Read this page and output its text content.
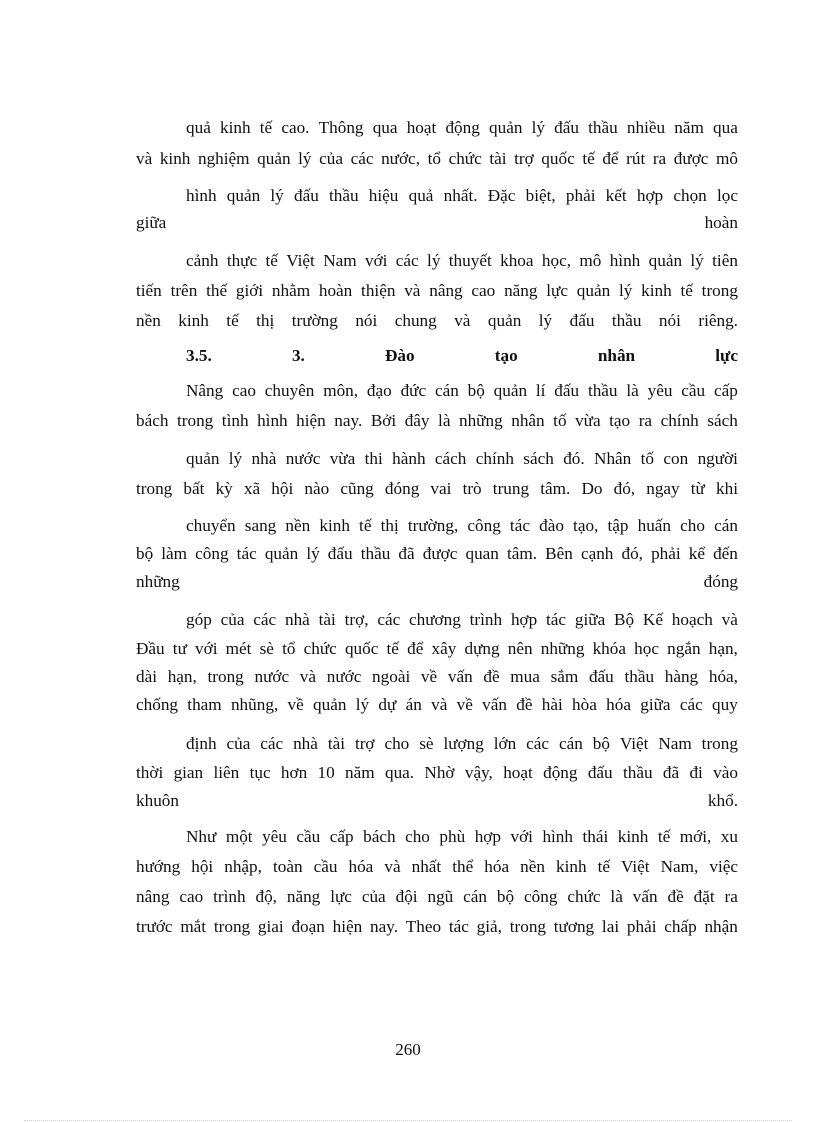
quả kinh tế cao. Thông qua hoạt động quản lý đấu thầu nhiều năm qua
và kinh nghiệm quản lý của các nước, tổ chức tài trợ quốc tế để rút ra được mô
hình quản lý đấu thầu hiệu quả nhất. Đặc biệt, phải kết hợp chọn lọc
giữa	hoàn
cảnh thực tế Việt Nam với các lý thuyết khoa học, mô hình quản lý tiên
tiến trên thế giới nhằm hoàn thiện và nâng cao năng lực quản lý kinh tế trong
nền kinh tế thị trường nói chung và quản lý đấu thầu nói riêng.
3.5.	3.	Đào	tạo	nhân	lực
Nâng cao chuyên môn, đạo đức cán bộ quản lí đấu thầu là yêu cầu cấp
bách trong tình hình hiện nay. Bởi đây là những nhân tố vừa tạo ra chính sách
quản lý nhà nước vừa thi hành cách chính sách đó. Nhân tố con người
trong bất kỳ xã hội nào cũng đóng vai trò trung tâm. Do đó, ngay từ khi
chuyển sang nền kinh tế thị trường, công tác đào tạo, tập huấn cho cán
bộ làm công tác quản lý đấu thầu đã được quan tâm. Bên cạnh đó, phải kể đến
những	đóng
góp của các nhà tài trợ, các chương trình hợp tác giữa Bộ Kế hoạch và
Đầu tư với mét sè tổ chức quốc tế để xây dựng nên những khóa học ngắn hạn,
dài hạn, trong nước và nước ngoài về vấn đề mua sắm đấu thầu hàng hóa,
chống tham nhũng, về quản lý dự án và về vấn đề hài hòa hóa giữa các quy
định của các nhà tài trợ cho sè lượng lớn các cán bộ Việt Nam trong
thời gian liên tục hơn 10 năm qua. Nhờ vậy, hoạt động đấu thầu đã đi vào
khuôn	khổ.
Như một yêu cầu cấp bách cho phù hợp với hình thái kinh tế mới, xu
hướng hội nhập, toàn cầu hóa và nhất thể hóa nền kinh tế Việt Nam, việc
nâng cao trình độ, năng lực của đội ngũ cán bộ công chức là vấn đề đặt ra
trước mắt trong giai đoạn hiện nay. Theo tác giả, trong tương lai phải chấp nhận
260
